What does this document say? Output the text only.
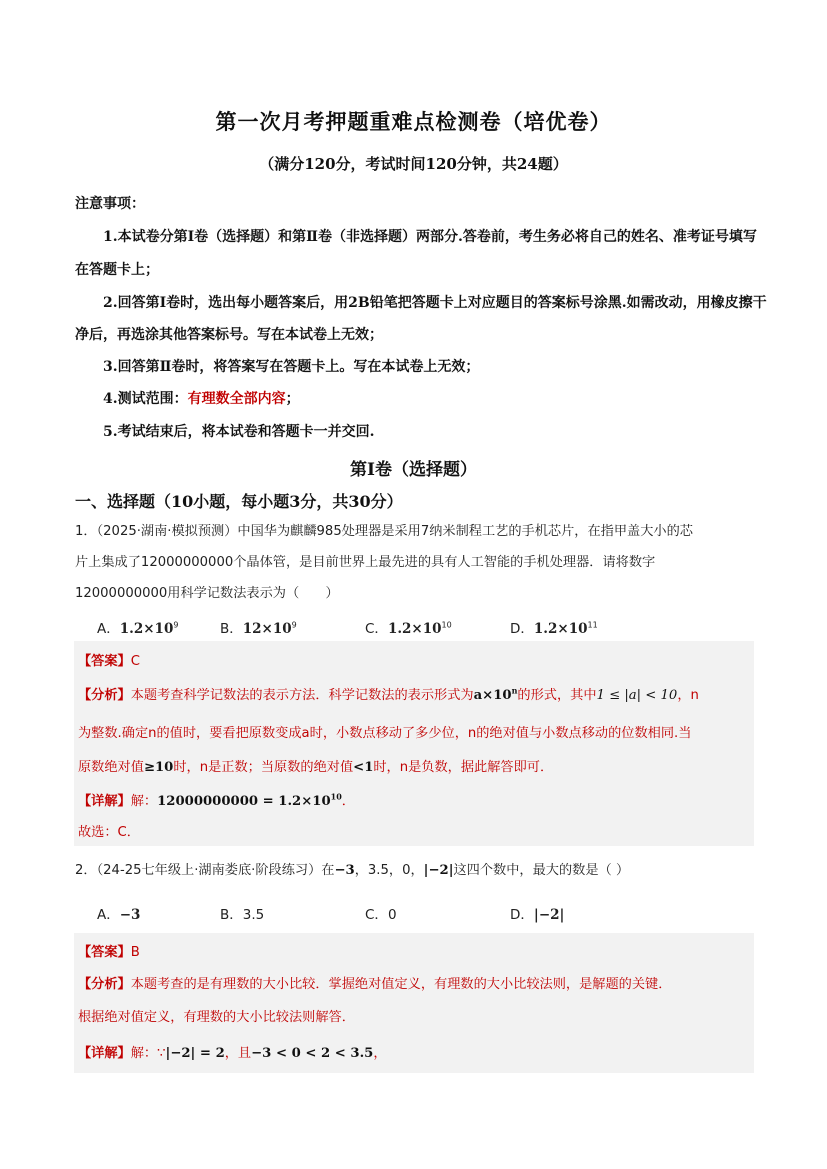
第一次月考押题重难点检测卷（培优卷）
（满分120分，考试时间120分钟，共24题）
注意事项：
1.本试卷分第Ⅰ卷（选择题）和第Ⅱ卷（非选择题）两部分.答卷前，考生务必将自己的姓名、准考证号填写
在答题卡上；
2.回答第Ⅰ卷时，选出每小题答案后，用2B铅笔把答题卡上对应题目的答案标号涂黑.如需改动，用橡皮擦干
净后，再选涂其他答案标号。写在本试卷上无效；
3.回答第Ⅱ卷时，将答案写在答题卡上。写在本试卷上无效；
4.测试范围：有理数全部内容；
5.考试结束后，将本试卷和答题卡一并交回.
第Ⅰ卷（选择题）
一、选择题（10小题，每小题3分，共30分）
1．（2025·湖南·模拟预测）中国华为麒麟985处理器是采用7纳米制程工艺的手机芯片，在指甲盖大小的芯
片上集成了12000000000个晶体管，是目前世界上最先进的具有人工智能的手机处理器．请将数字
12000000000用科学记数法表示为（　　）
A．$1.2\times 10^9$	B．$12\times 10^9$	C．$1.2\times 10^{10}$	D．$1.2\times 10^{11}$
【答案】C
【分析】本题考查科学记数法的表示方法．科学记数法的表示形式为$a\times 10^n$的形式，其中1 ≤ |a| < 10，n
为整数.确定n的值时，要看把原数变成a时，小数点移动了多少位，n的绝对值与小数点移动的位数相同.当
原数绝对值≥10时，n是正数；当原数的绝对值<1时，n是负数，据此解答即可．
【详解】解：$12000000000 = 1.2\times 10^{10}$．
故选：C．
2．（24-25七年级上·湖南娄底·阶段练习）在−3，3.5，0，|−2|这四个数中，最大的数是（ ）
A．−3	B．3.5	C．0	D．|−2|
【答案】B
【分析】本题考查的是有理数的大小比较．掌握绝对值定义，有理数的大小比较法则，是解题的关键．
根据绝对值定义，有理数的大小比较法则解答．
【详解】解：∵|−2| = 2，且−3 < 0 < 2 < 3.5，
